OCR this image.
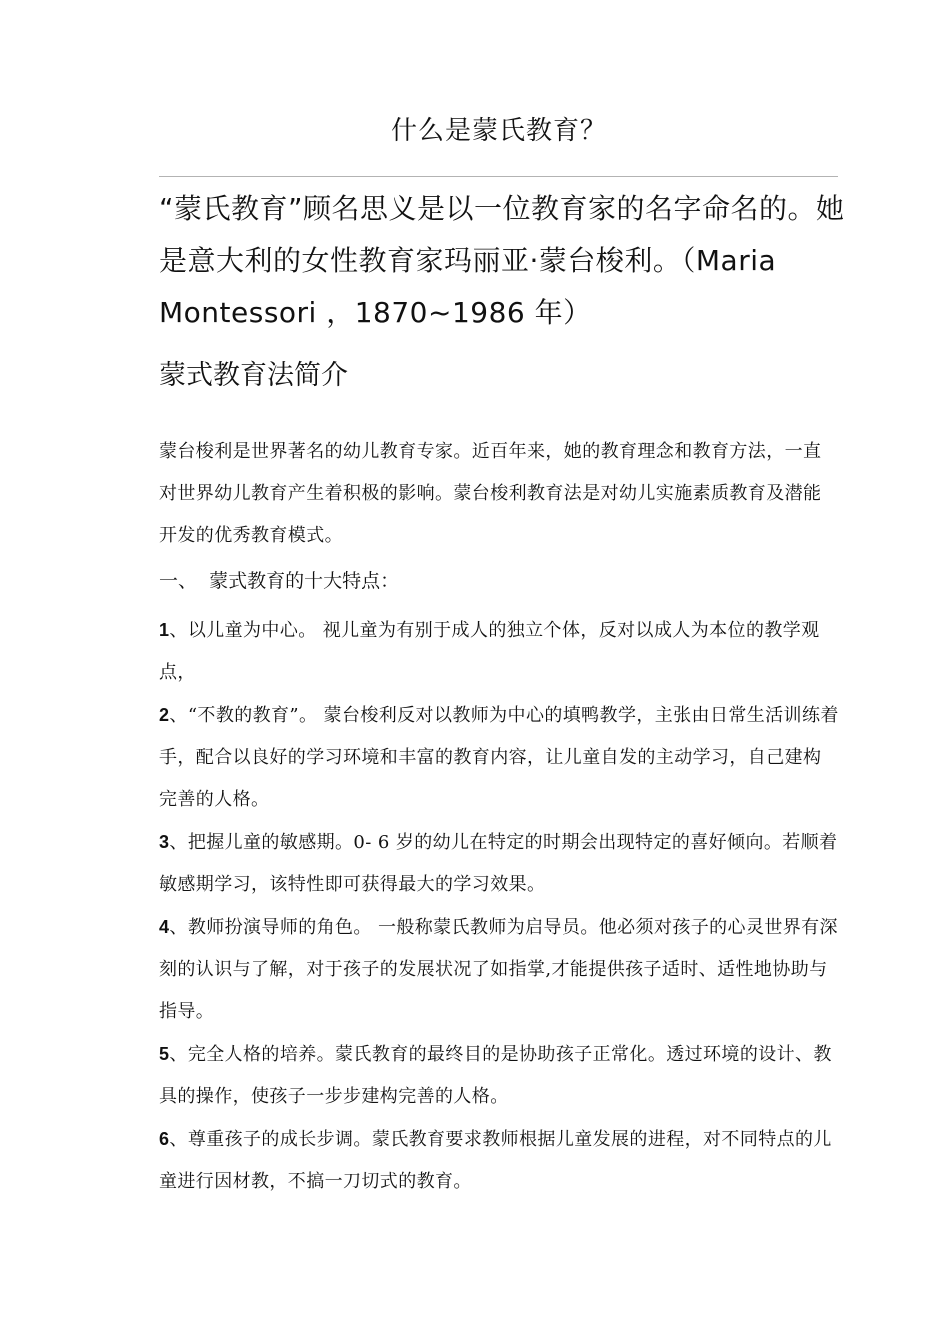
什么是蒙氏教育？

“蒙氏教育”顾名思义是以一位教育家的名字命名的。她是意大利的女性教育家玛丽亚·蒙台梭利。（Maria Montessori ，1870~1986 年）

蒙式教育法简介

蒙台梭利是世界著名的幼儿教育专家。近百年来，她的教育理念和教育方法，一直对世界幼儿教育产生着积极的影响。蒙台梭利教育法是对幼儿实施素质教育及潜能开发的优秀教育模式。

一、  蒙式教育的十大特点：

1、以儿童为中心。 视儿童为有别于成人的独立个体，反对以成人为本位的教学观点，

2、“不教的教育”。 蒙台梭利反对以教师为中心的填鸭教学，主张由日常生活训练着手，配合以良好的学习环境和丰富的教育内容，让儿童自发的主动学习，自己建构完善的人格。

3、把握儿童的敏感期。0- 6 岁的幼儿在特定的时期会出现特定的喜好倾向。若顺着敏感期学习，该特性即可获得最大的学习效果。

4、教师扮演导师的角色。 一般称蒙氏教师为启导员。他必须对孩子的心灵世界有深刻的认识与了解，对于孩子的发展状况了如指掌,才能提供孩子适时、适性地协助与指导。

5、完全人格的培养。蒙氏教育的最终目的是协助孩子正常化。透过环境的设计、教具的操作，使孩子一步步建构完善的人格。

6、尊重孩子的成长步调。蒙氏教育要求教师根据儿童发展的进程，对不同特点的儿童进行因材教，不搞一刀切式的教育。
